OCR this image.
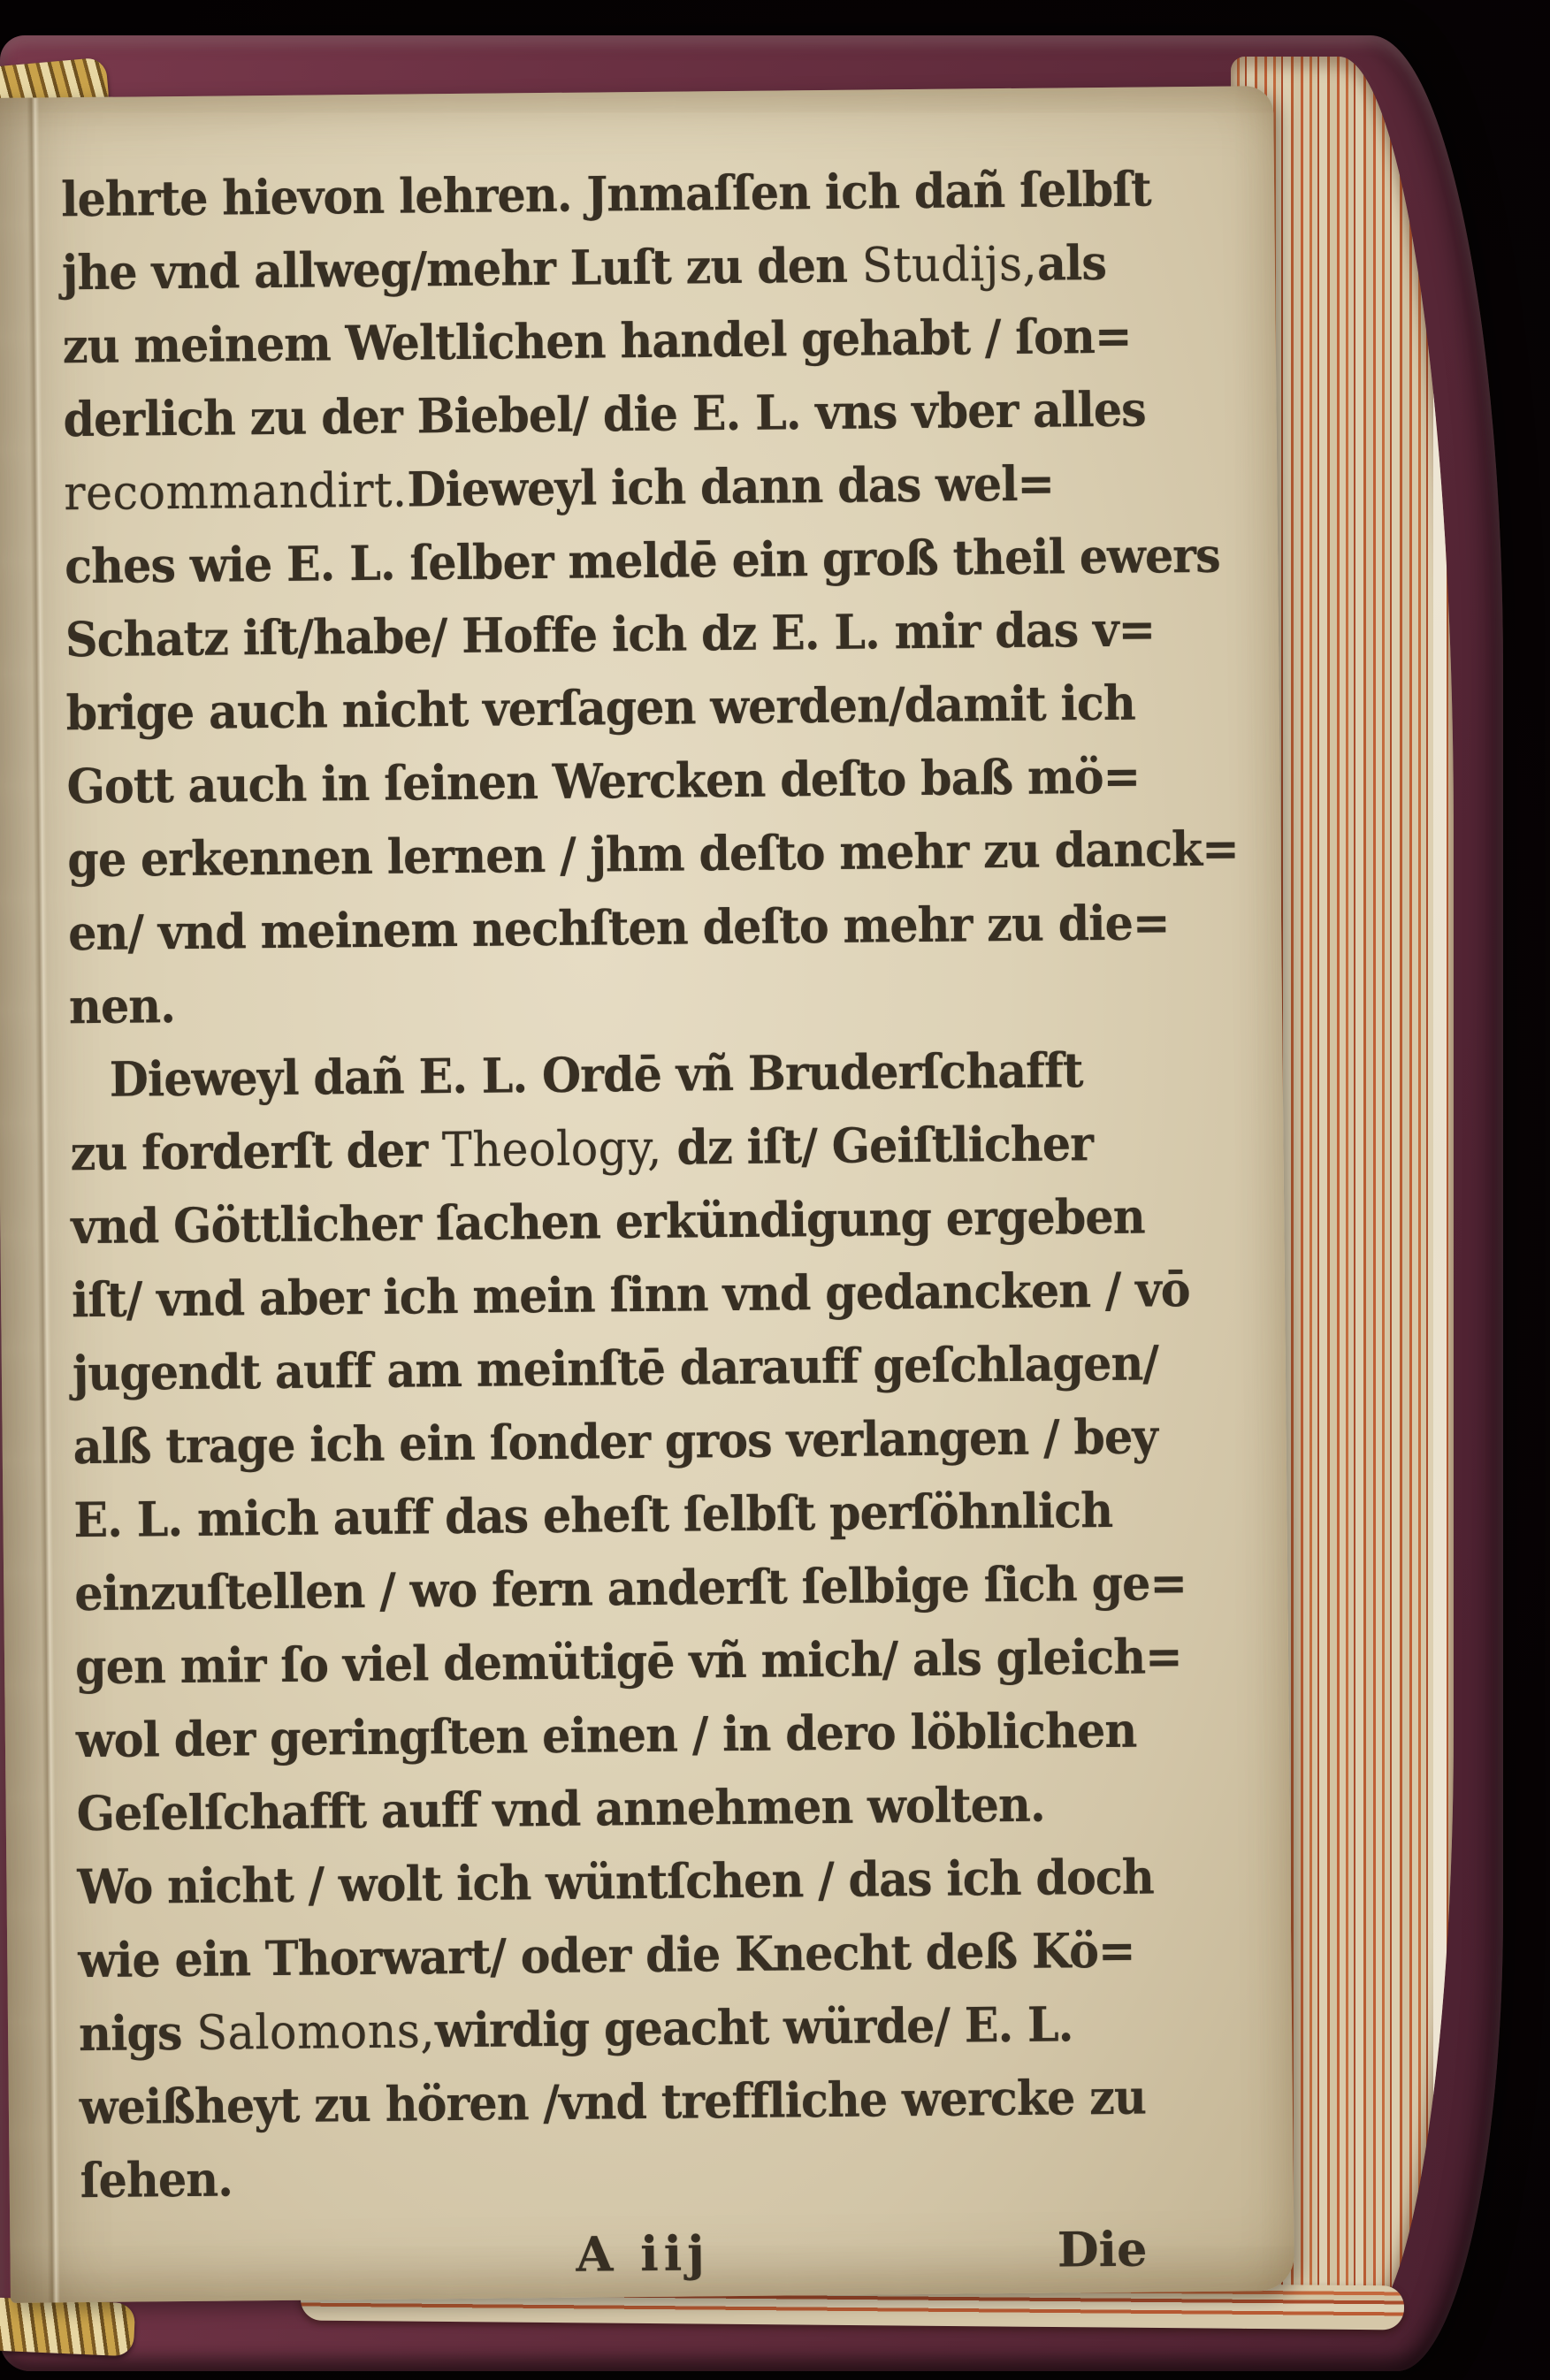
lehrte hievon lehren. Jnmaſſen ich dañ ſelbſt
jhe vnd allweg/mehr Luſt zu den Studijs,als
zu meinem Weltlichen handel gehabt / ſon=
derlich zu der Biebel/ die E. L. vns vber alles
recommandirt.Dieweyl ich dann das wel=
ches wie E. L. ſelber meldē ein groß theil ewers
Schatz iſt/habe/ Hoffe ich dz E. L. mir das v=
brige auch nicht verſagen werden/damit ich
Gott auch in ſeinen Wercken deſto baß mö=
ge erkennen lernen / jhm deſto mehr zu danck=
en/ vnd meinem nechſten deſto mehr zu die=
nen.
Dieweyl dañ E. L. Ordē vñ Bruderſchafft
zu forderſt der Theology, dz iſt/ Geiſtlicher
vnd Göttlicher ſachen erkündigung ergeben
iſt/ vnd aber ich mein ſinn vnd gedancken / vō
jugendt auff am meinſtē darauff geſchlagen/
alß trage ich ein ſonder gros verlangen / bey
E. L. mich auff das eheſt ſelbſt perſöhnlich
einzuſtellen / wo fern anderſt ſelbige ſich ge=
gen mir ſo viel demütigē vñ mich/ als gleich=
wol der geringſten einen / in dero löblichen
Geſelſchafft auff vnd annehmen wolten.
Wo nicht / wolt ich wüntſchen / das ich doch
wie ein Thorwart/ oder die Knecht deß Kö=
nigs Salomons,wirdig geacht würde/ E. L.
weißheyt zu hören /vnd treffliche wercke zu
ſehen.
A iij	Die
